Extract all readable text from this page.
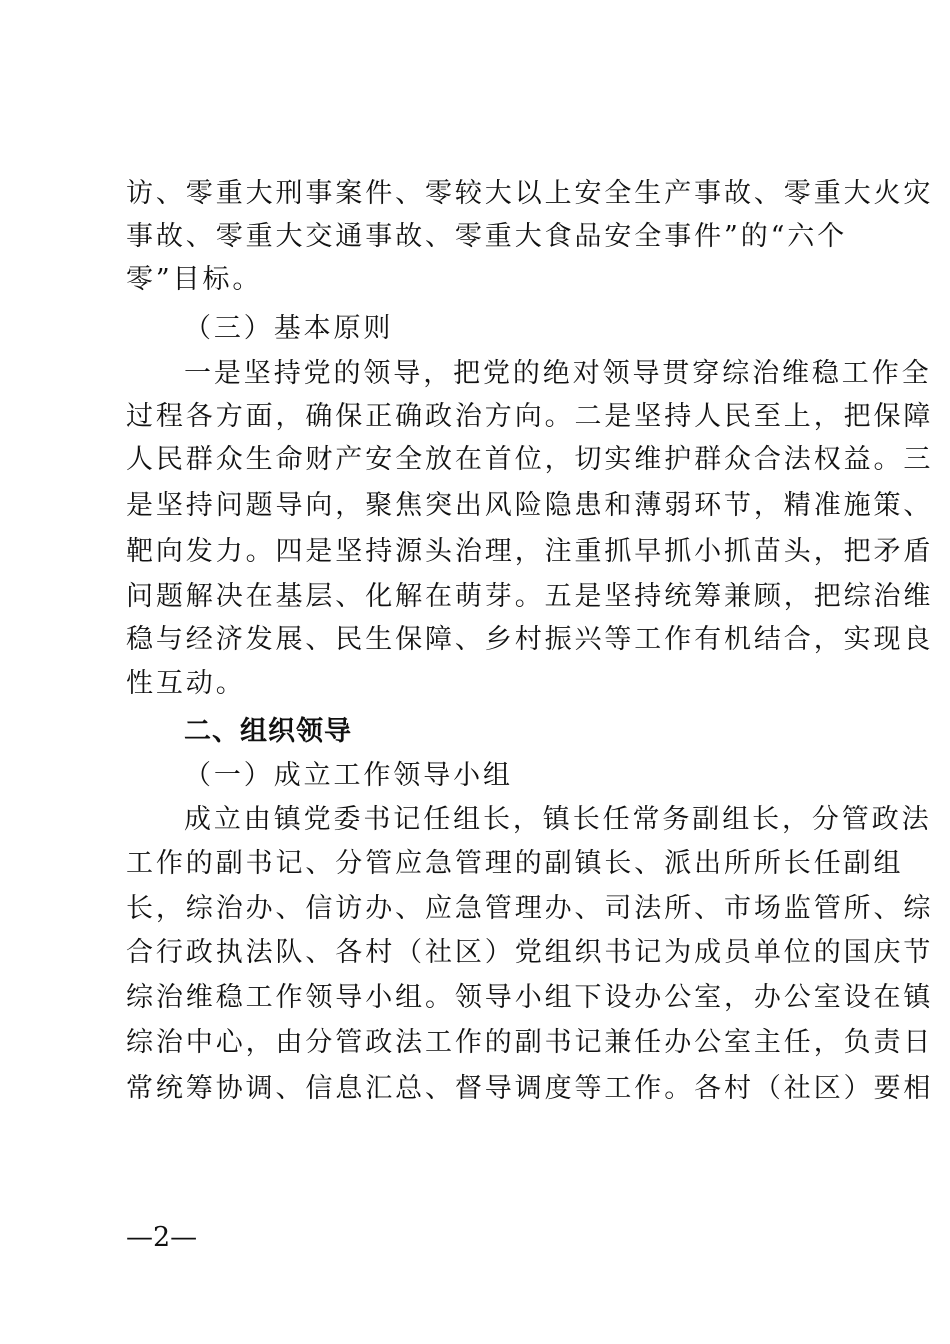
访、零重大刑事案件、零较大以上安全生产事故、零重大火灾
事故、零重大交通事故、零重大食品安全事件”的“六个
零”目标。
（三）基本原则
一是坚持党的领导，把党的绝对领导贯穿综治维稳工作全
过程各方面，确保正确政治方向。二是坚持人民至上，把保障
人民群众生命财产安全放在首位，切实维护群众合法权益。三
是坚持问题导向，聚焦突出风险隐患和薄弱环节，精准施策、
靶向发力。四是坚持源头治理，注重抓早抓小抓苗头，把矛盾
问题解决在基层、化解在萌芽。五是坚持统筹兼顾，把综治维
稳与经济发展、民生保障、乡村振兴等工作有机结合，实现良
性互动。
二、组织领导
（一）成立工作领导小组
成立由镇党委书记任组长，镇长任常务副组长，分管政法
工作的副书记、分管应急管理的副镇长、派出所所长任副组
长，综治办、信访办、应急管理办、司法所、市场监管所、综
合行政执法队、各村（社区）党组织书记为成员单位的国庆节
综治维稳工作领导小组。领导小组下设办公室，办公室设在镇
综治中心，由分管政法工作的副书记兼任办公室主任，负责日
常统筹协调、信息汇总、督导调度等工作。各村（社区）要相
—2—
